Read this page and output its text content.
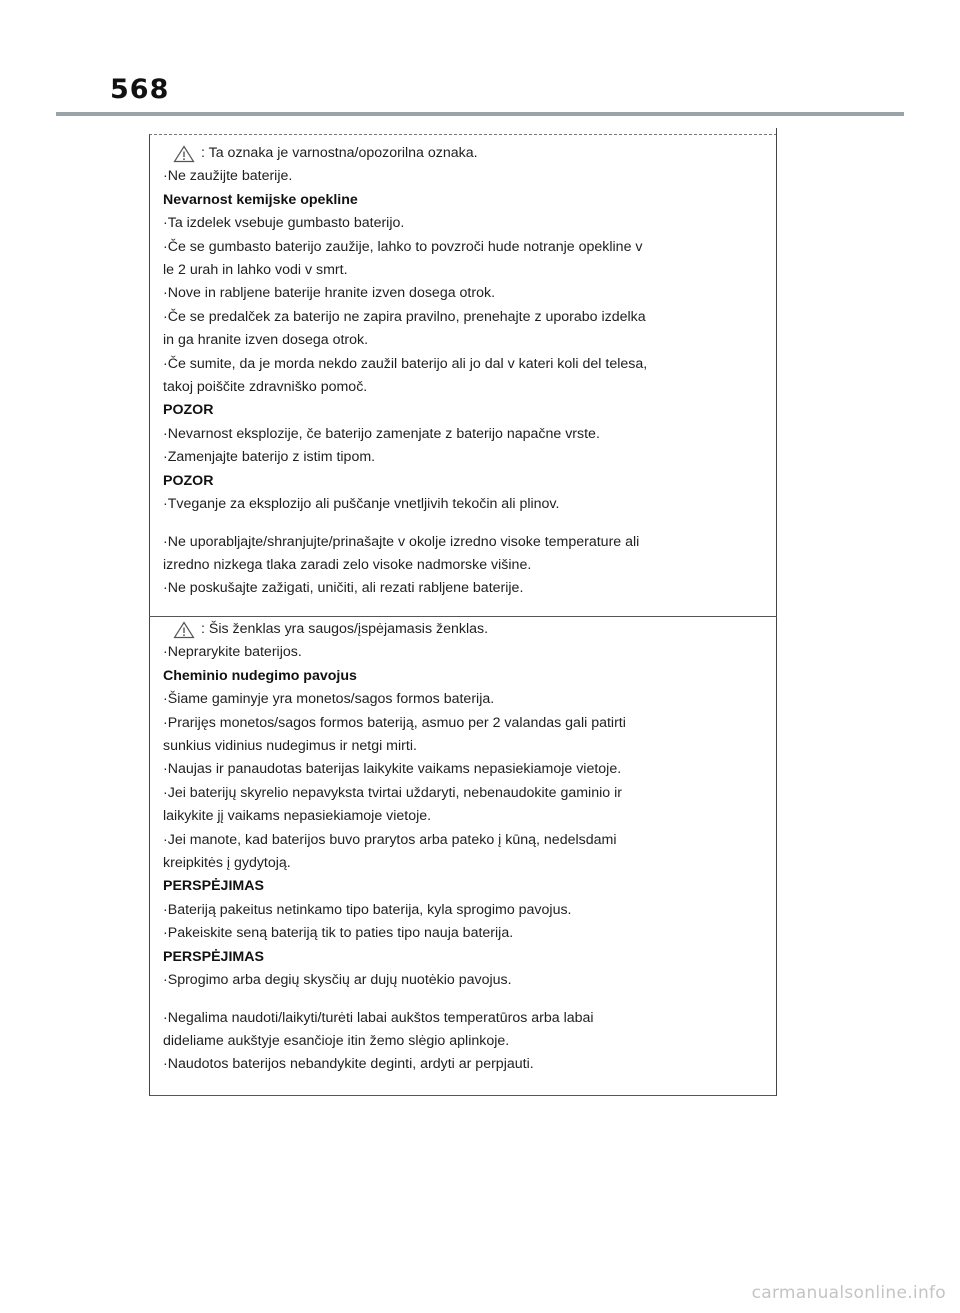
568
: Ta oznaka je varnostna/opozorilna oznaka.
·Ne zaužijte baterije.
Nevarnost kemijske opekline
·Ta izdelek vsebuje gumbasto baterijo.
·Če se gumbasto baterijo zaužije, lahko to povzroči hude notranje opekline v
le 2 urah in lahko vodi v smrt.
·Nove in rabljene baterije hranite izven dosega otrok.
·Če se predalček za baterijo ne zapira pravilno, prenehajte z uporabo izdelka
in ga hranite izven dosega otrok.
·Če sumite, da je morda nekdo zaužil baterijo ali jo dal v kateri koli del telesa,
takoj poiščite zdravniško pomoč.
POZOR
·Nevarnost eksplozije, če baterijo zamenjate z baterijo napačne vrste.
·Zamenjajte baterijo z istim tipom.
POZOR
·Tveganje za eksplozijo ali puščanje vnetljivih tekočin ali plinov.
·Ne uporabljajte/shranjujte/prinašajte v okolje izredno visoke temperature ali
izredno nizkega tlaka zaradi zelo visoke nadmorske višine.
·Ne poskušajte zažigati, uničiti, ali rezati rabljene baterije.
: Šis ženklas yra saugos/įspėjamasis ženklas.
·Neprarykite baterijos.
Cheminio nudegimo pavojus
·Šiame gaminyje yra monetos/sagos formos baterija.
·Prarijęs monetos/sagos formos bateriją, asmuo per 2 valandas gali patirti
sunkius vidinius nudegimus ir netgi mirti.
·Naujas ir panaudotas baterijas laikykite vaikams nepasiekiamoje vietoje.
·Jei baterijų skyrelio nepavyksta tvirtai uždaryti, nebenaudokite gaminio ir
laikykite jį vaikams nepasiekiamoje vietoje.
·Jei manote, kad baterijos buvo prarytos arba pateko į kūną, nedelsdami
kreipkitės į gydytoją.
PERSPĖJIMAS
·Bateriją pakeitus netinkamo tipo baterija, kyla sprogimo pavojus.
·Pakeiskite seną bateriją tik to paties tipo nauja baterija.
PERSPĖJIMAS
·Sprogimo arba degių skysčių ar dujų nuotėkio pavojus.
·Negalima naudoti/laikyti/turėti labai aukštos temperatūros arba labai
dideliame aukštyje esančioje itin žemo slėgio aplinkoje.
·Naudotos baterijos nebandykite deginti, ardyti ar perpjauti.
carmanualsonline.info
